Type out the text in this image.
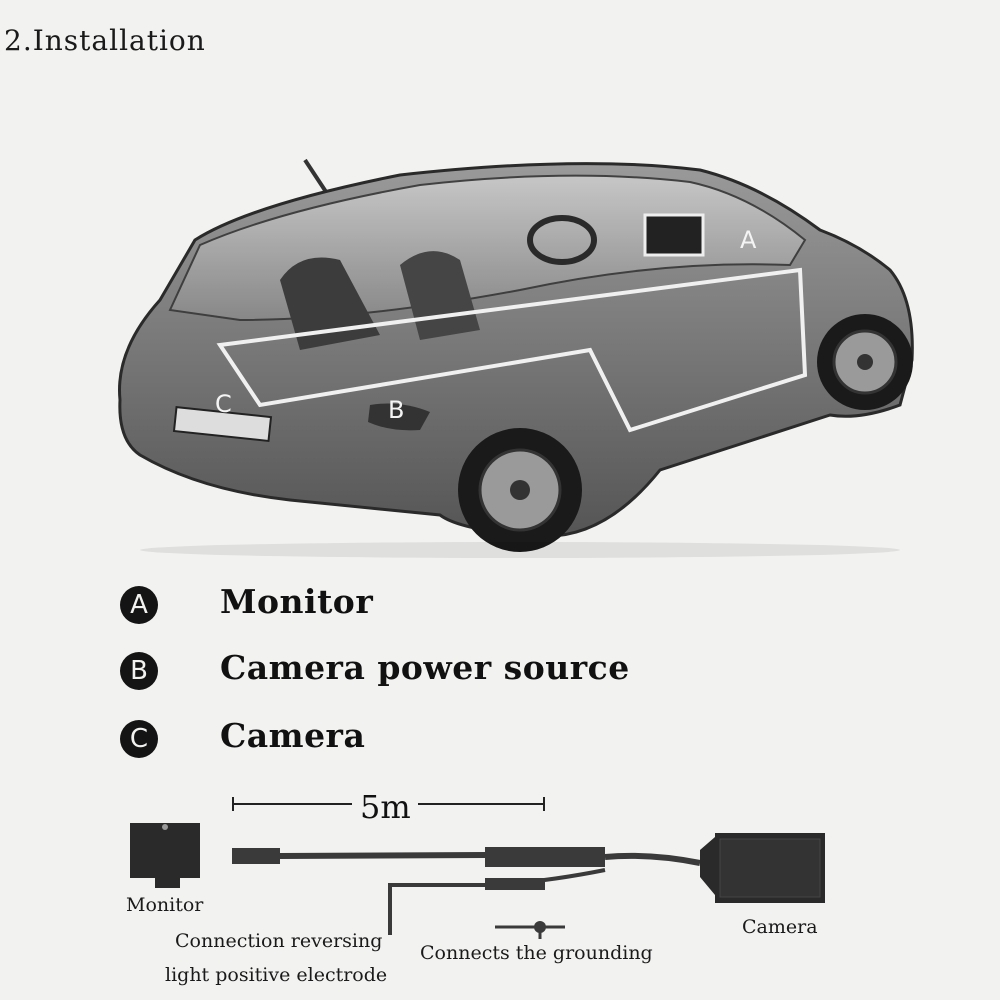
2.Installation
A
B
C
A	Monitor
B	Camera power source
C	Camera
5m
Monitor
Camera
Connection reversing
light positive electrode
Connects the grounding
